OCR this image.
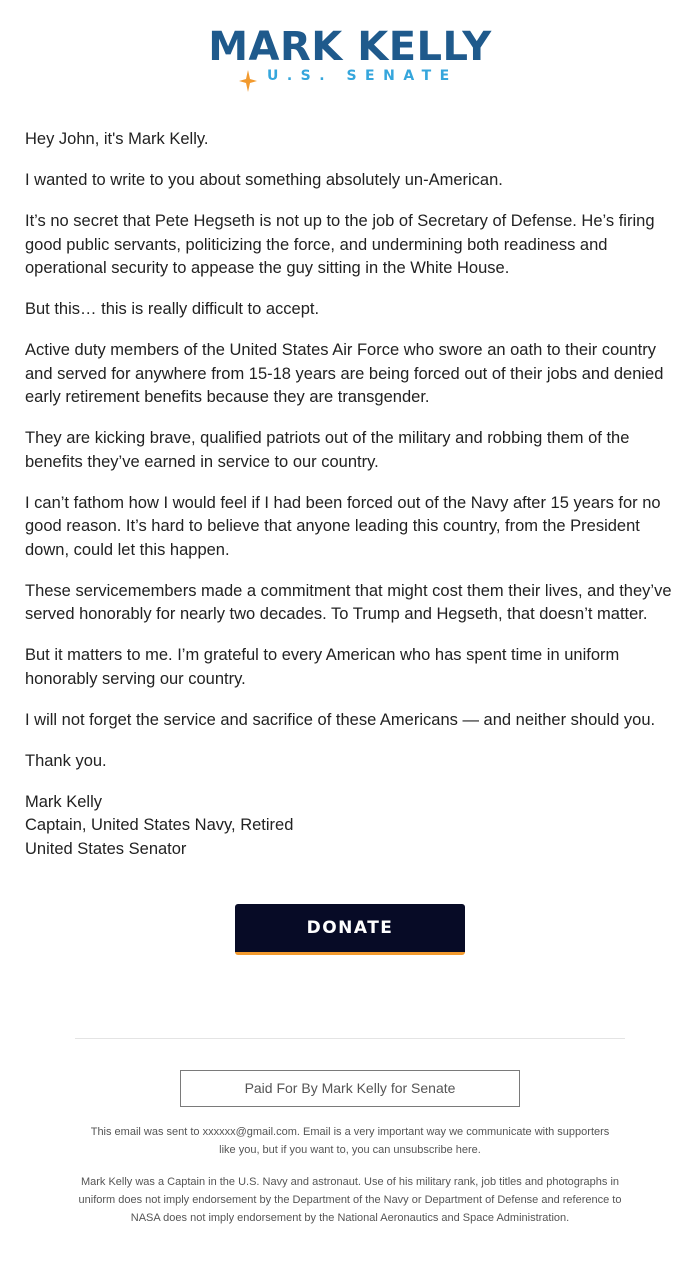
MARK KELLY
U.S. SENATE

Hey John, it's Mark Kelly.

I wanted to write to you about something absolutely un-American.

It’s no secret that Pete Hegseth is not up to the job of Secretary of Defense. He’s firing good public servants, politicizing the force, and undermining both readiness and operational security to appease the guy sitting in the White House.

But this… this is really difficult to accept.

Active duty members of the United States Air Force who swore an oath to their country and served for anywhere from 15-18 years are being forced out of their jobs and denied early retirement benefits because they are transgender.

They are kicking brave, qualified patriots out of the military and robbing them of the benefits they’ve earned in service to our country.

I can’t fathom how I would feel if I had been forced out of the Navy after 15 years for no good reason. It’s hard to believe that anyone leading this country, from the President down, could let this happen.

These servicemembers made a commitment that might cost them their lives, and they’ve served honorably for nearly two decades. To Trump and Hegseth, that doesn’t matter.

But it matters to me. I’m grateful to every American who has spent time in uniform honorably serving our country.

I will not forget the service and sacrifice of these Americans — and neither should you.

Thank you.

Mark Kelly
Captain, United States Navy, Retired
United States Senator
DONATE
Paid For By Mark Kelly for Senate
This email was sent to xxxxxx@gmail.com. Email is a very important way we communicate with supporters like you, but if you want to, you can unsubscribe here.
Mark Kelly was a Captain in the U.S. Navy and astronaut. Use of his military rank, job titles and photographs in uniform does not imply endorsement by the Department of the Navy or Department of Defense and reference to NASA does not imply endorsement by the National Aeronautics and Space Administration.
